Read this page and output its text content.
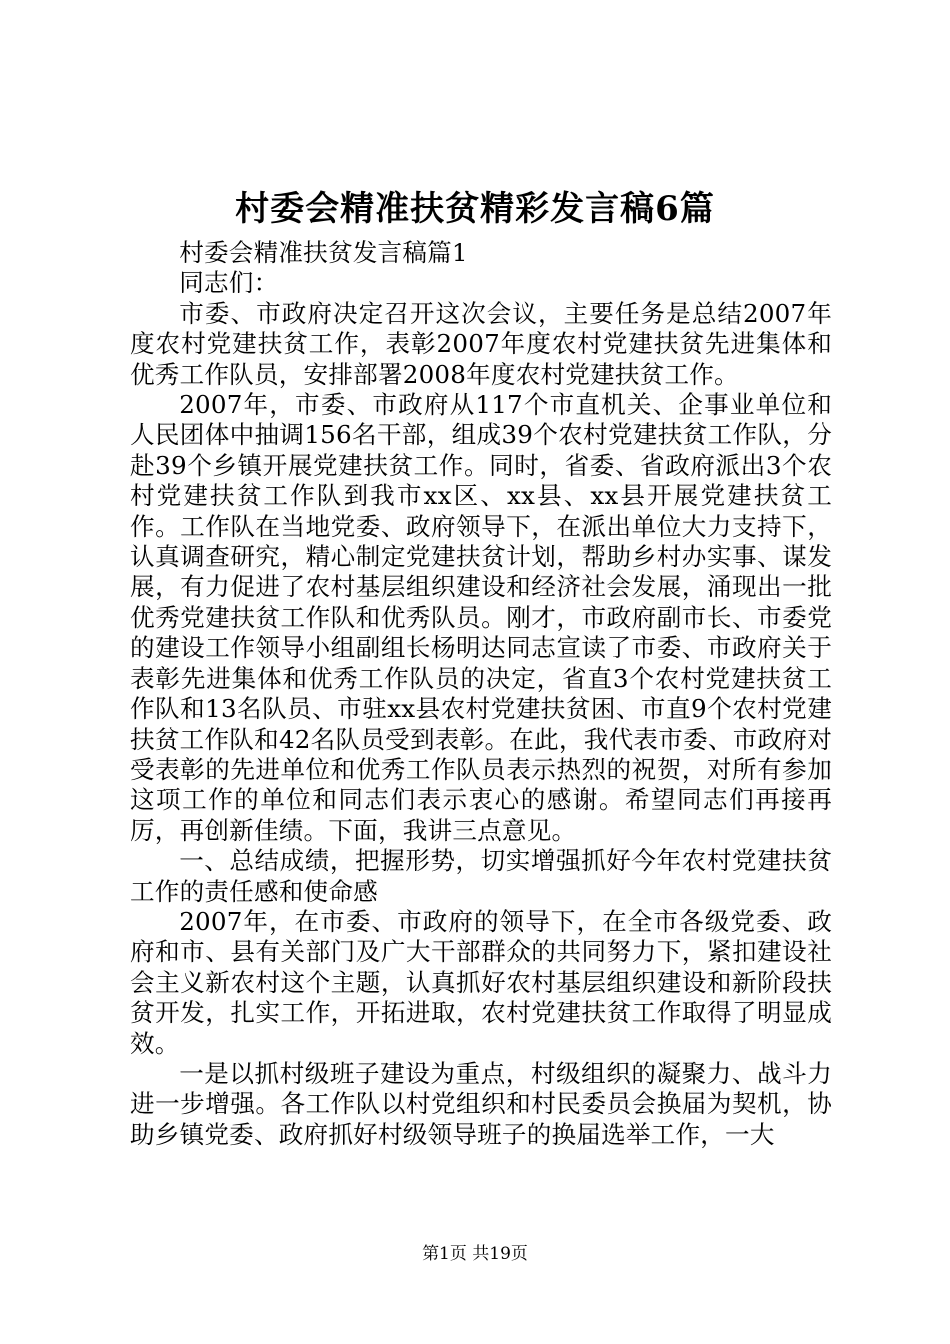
村委会精准扶贫精彩发言稿6篇

村委会精准扶贫发言稿篇1

同志们：

市委、市政府决定召开这次会议，主要任务是总结2007年度农村党建扶贫工作，表彰2007年度农村党建扶贫先进集体和优秀工作队员，安排部署2008年度农村党建扶贫工作。

2007年，市委、市政府从117个市直机关、企事业单位和人民团体中抽调156名干部，组成39个农村党建扶贫工作队，分赴39个乡镇开展党建扶贫工作。同时，省委、省政府派出3个农村党建扶贫工作队到我市xx区、xx县、xx县开展党建扶贫工作。工作队在当地党委、政府领导下，在派出单位大力支持下，认真调查研究，精心制定党建扶贫计划，帮助乡村办实事、谋发展，有力促进了农村基层组织建设和经济社会发展，涌现出一批优秀党建扶贫工作队和优秀队员。刚才，市政府副市长、市委党的建设工作领导小组副组长杨明达同志宣读了市委、市政府关于表彰先进集体和优秀工作队员的决定，省直3个农村党建扶贫工作队和13名队员、市驻xx县农村党建扶贫困、市直9个农村党建扶贫工作队和42名队员受到表彰。在此，我代表市委、市政府对受表彰的先进单位和优秀工作队员表示热烈的祝贺，对所有参加这项工作的单位和同志们表示衷心的感谢。希望同志们再接再厉，再创新佳绩。下面，我讲三点意见。

一、总结成绩，把握形势，切实增强抓好今年农村党建扶贫工作的责任感和使命感

2007年，在市委、市政府的领导下，在全市各级党委、政府和市、县有关部门及广大干部群众的共同努力下，紧扣建设社会主义新农村这个主题，认真抓好农村基层组织建设和新阶段扶贫开发，扎实工作，开拓进取，农村党建扶贫工作取得了明显成效。

一是以抓村级班子建设为重点，村级组织的凝聚力、战斗力进一步增强。各工作队以村党组织和村民委员会换届为契机，协助乡镇党委、政府抓好村级领导班子的换届选举工作，一大

第1页 共19页
